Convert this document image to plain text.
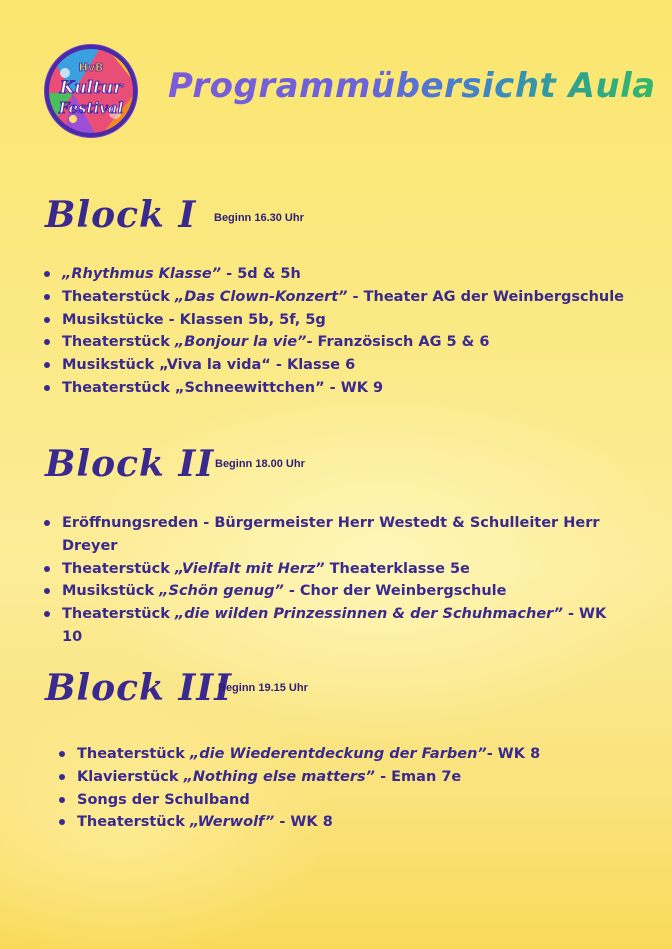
HvB
Kultur
Festival
Programmübersicht Aula
Block I Beginn 16.30 Uhr
„Rhythmus Klasse” - 5d & 5h
Theaterstück „Das Clown-Konzert” - Theater AG der Weinbergschule
Musikstücke - Klassen 5b, 5f, 5g
Theaterstück „Bonjour la vie”- Französisch AG 5 & 6
Musikstück „Viva la vida“ - Klasse 6
Theaterstück „Schneewittchen” - WK 9
Block II Beginn 18.00 Uhr
Eröffnungsreden - Bürgermeister Herr Westedt & Schulleiter Herr Dreyer
Theaterstück „Vielfalt mit Herz” Theaterklasse 5e
Musikstück „Schön genug” - Chor der Weinbergschule
Theaterstück „die wilden Prinzessinnen & der Schuhmacher” - WK 10
Block III
Beginn 19.15 Uhr
Theaterstück „die Wiederentdeckung der Farben”- WK 8
Klavierstück „Nothing else matters” - Eman 7e
Songs der Schulband
Theaterstück „Werwolf” - WK 8
